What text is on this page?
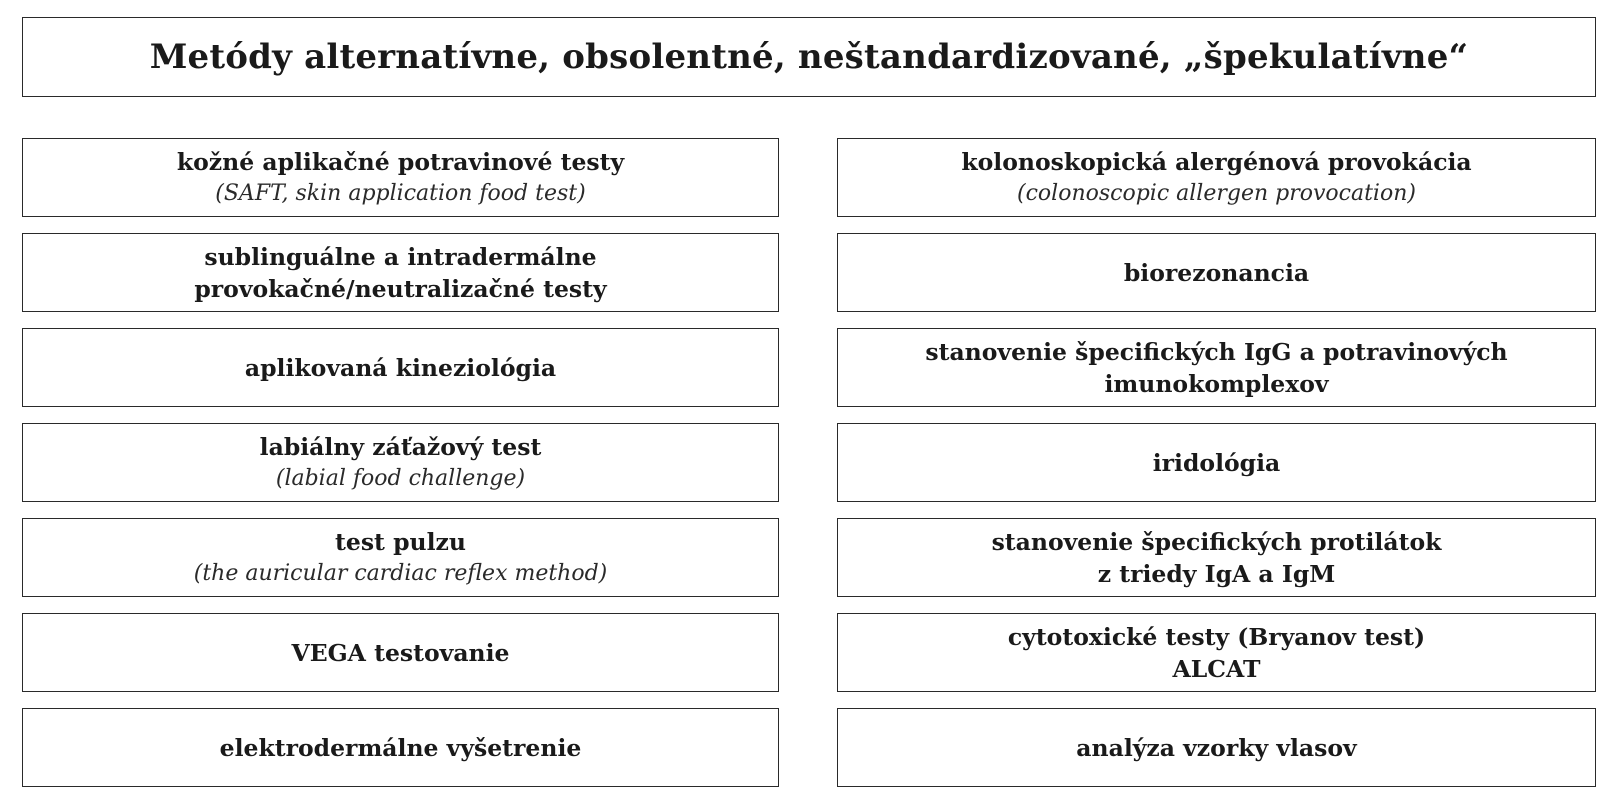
Metódy alternatívne, obsolentné, neštandardizované, „špekulatívne“
kožné aplikačné potravinové testy
(SAFT, skin application food test)
sublinguálne a intradermálne
provokačné/neutralizačné testy
aplikovaná kineziológia
labiálny záťažový test
(labial food challenge)
test pulzu
(the auricular cardiac reflex method)
VEGA testovanie
elektrodermálne vyšetrenie
kolonoskopická alergénová provokácia
(colonoscopic allergen provocation)
biorezonancia
stanovenie špecifických IgG a potravinových
imunokomplexov
iridológia
stanovenie špecifických protilátok
z triedy IgA a IgM
cytotoxické testy (Bryanov test)
ALCAT
analýza vzorky vlasov
